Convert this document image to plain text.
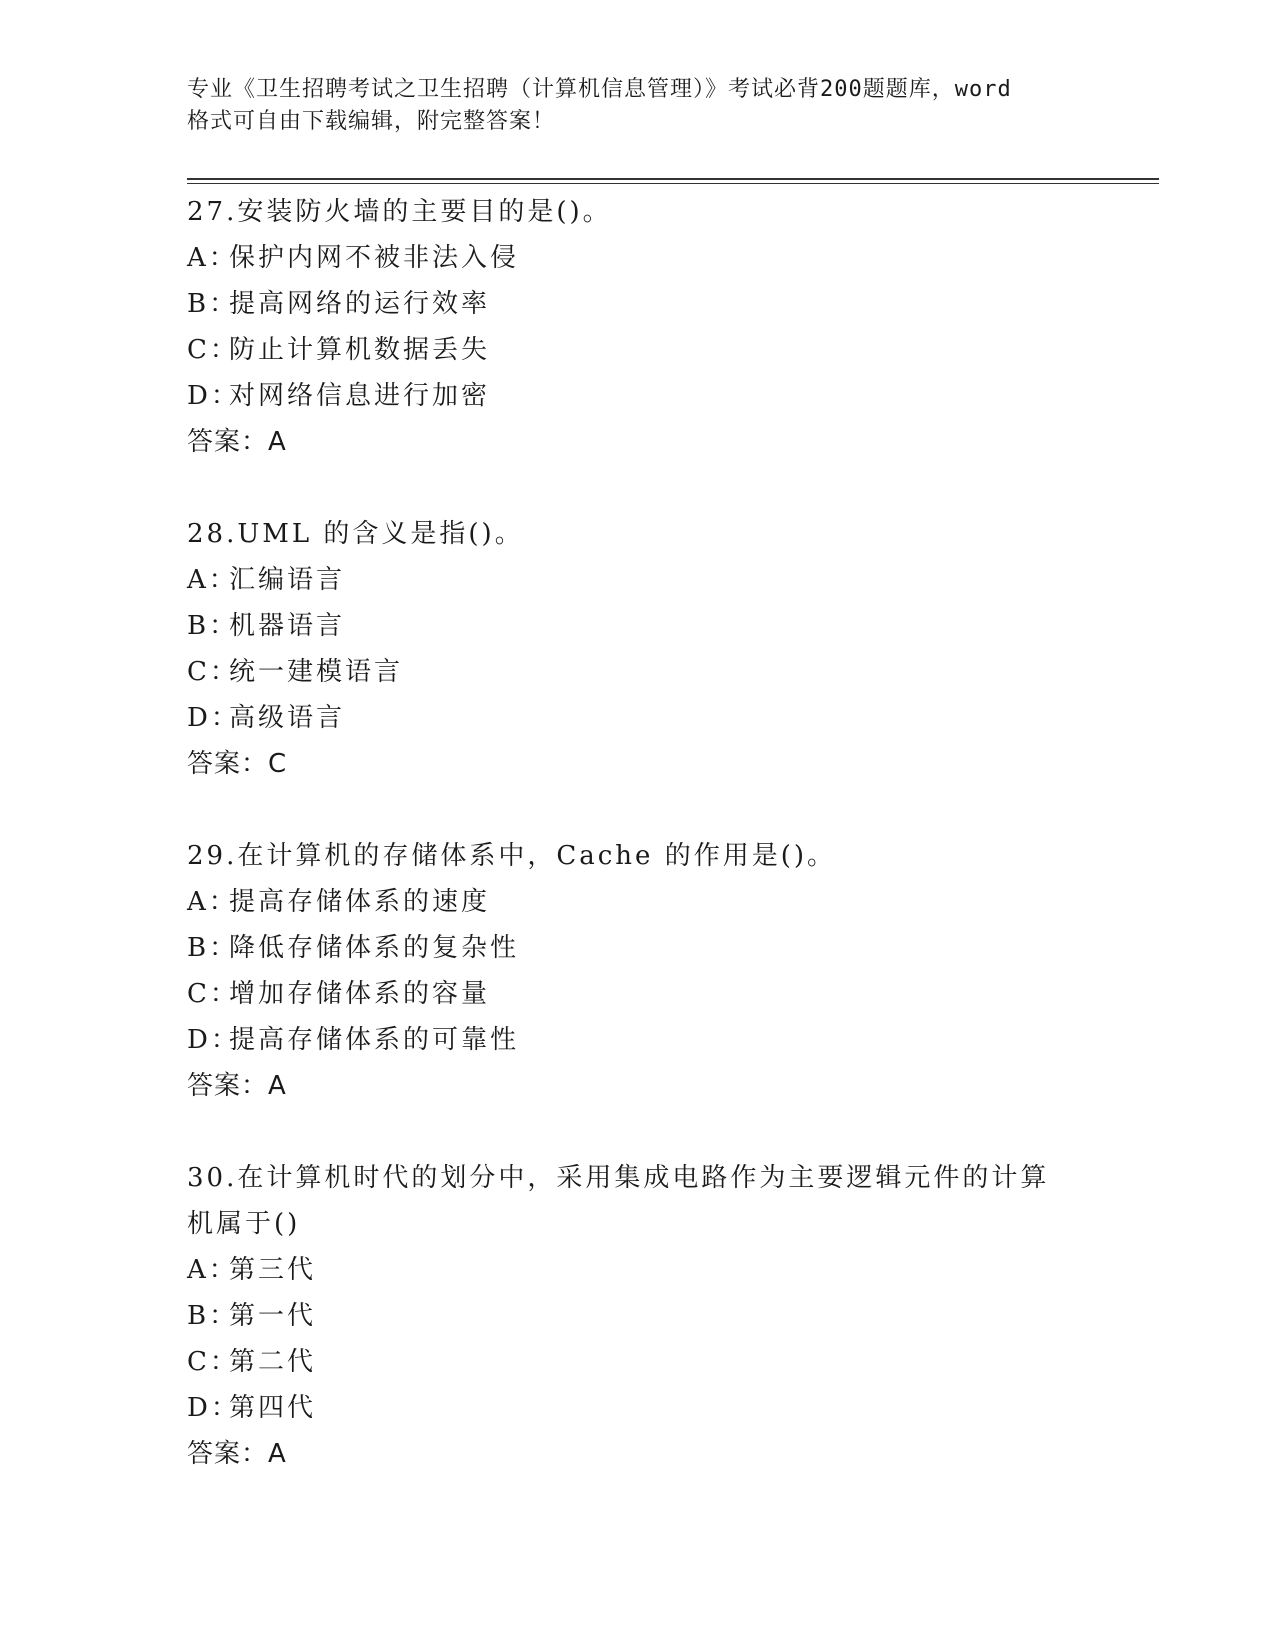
专业《卫生招聘考试之卫生招聘（计算机信息管理）》考试必背200题题库，word
格式可自由下载编辑，附完整答案！
27.安装防火墙的主要目的是()。
A：保护内网不被非法入侵
B：提高网络的运行效率
C：防止计算机数据丢失
D：对网络信息进行加密
答案：A
28.UML 的含义是指()。
A：汇编语言
B：机器语言
C：统一建模语言
D：高级语言
答案：C
29.在计算机的存储体系中，Cache 的作用是()。
A：提高存储体系的速度
B：降低存储体系的复杂性
C：增加存储体系的容量
D：提高存储体系的可靠性
答案：A
30.在计算机时代的划分中，采用集成电路作为主要逻辑元件的计算机属于()
A：第三代
B：第一代
C：第二代
D：第四代
答案：A
